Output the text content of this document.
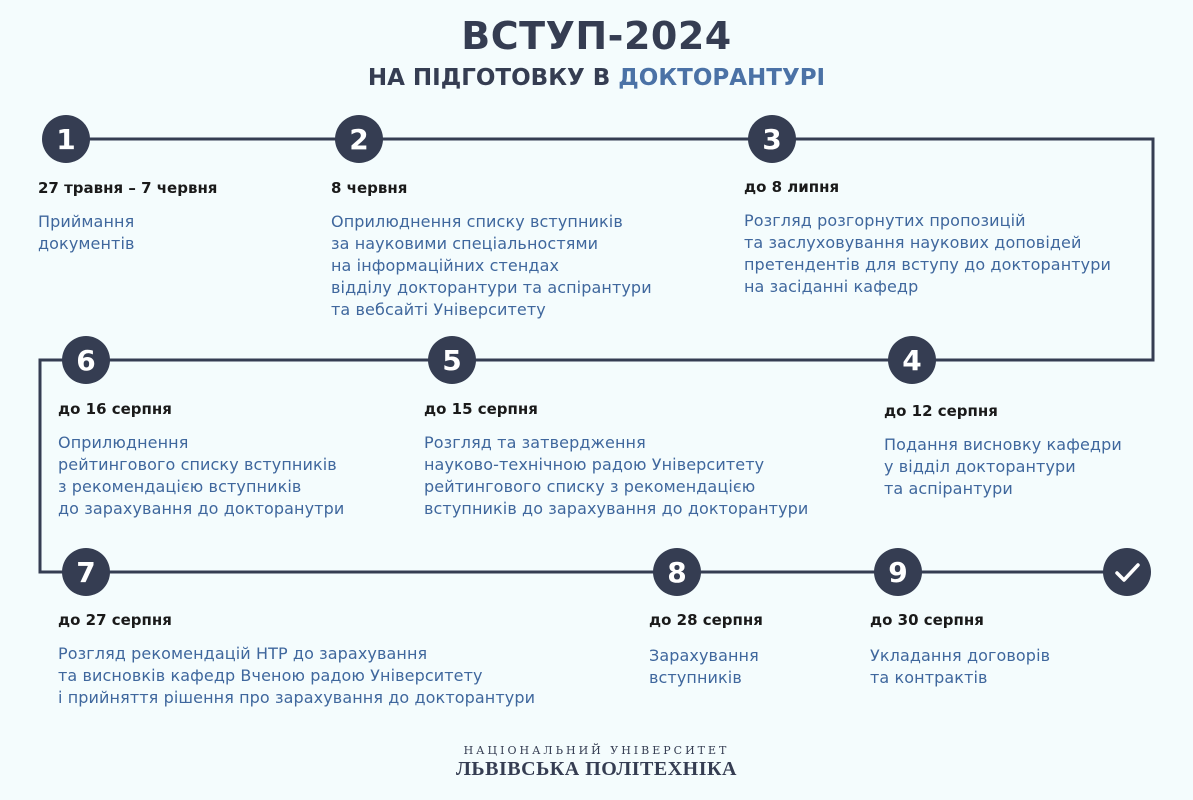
ВСТУП-2024
НА ПІДГОТОВКУ В ДОКТОРАНТУРІ
1
27 травня – 7 червня
Приймання
документів
2
8 червня
Оприлюднення списку вступників
за науковими спеціальностями
на інформаційних стендах
відділу докторантури та аспірантури
та вебсайті Університету
3
до 8 липня
Розгляд розгорнутих пропозицій
та заслуховування наукових доповідей
претендентів для вступу до докторантури
на засіданні кафедр
4
до 12 серпня
Подання висновку кафедри
у відділ докторантури
та аспірантури
5
до 15 серпня
Розгляд та затвердження
науково-технічною радою Університету
рейтингового списку з рекомендацією
вступників до зарахування до докторантури
6
до 16 серпня
Оприлюднення
рейтингового списку вступників
з рекомендацією вступників
до зарахування до докторанутри
7
до 27 серпня
Розгляд рекомендацій НТР до зарахування
та висновків кафедр Вченою радою Університету
і прийняття рішення про зарахування до докторантури
8
до 28 серпня
Зарахування
вступників
9
до 30 серпня
Укладання договорів
та контрактів
НАЦІОНАЛЬНИЙ УНІВЕРСИТЕТ
ЛЬВІВСЬКА ПОЛІТЕХНІКА
